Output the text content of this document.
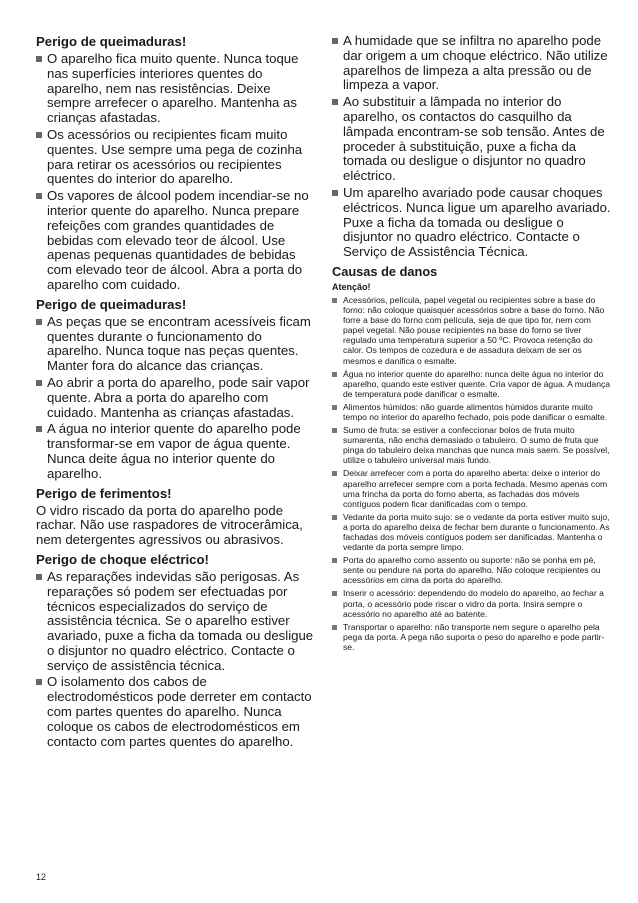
Perigo de queimaduras!
O aparelho fica muito quente. Nunca toque nas superfícies interiores quentes do aparelho, nem nas resistências. Deixe sempre arrefecer o aparelho. Mantenha as crianças afastadas.
Os acessórios ou recipientes ficam muito quentes. Use sempre uma pega de cozinha para retirar os acessórios ou recipientes quentes do interior do aparelho.
Os vapores de álcool podem incendiar-se no interior quente do aparelho. Nunca prepare refeições com grandes quantidades de bebidas com elevado teor de álcool. Use apenas pequenas quantidades de bebidas com elevado teor de álcool. Abra a porta do aparelho com cuidado.
Perigo de queimaduras!
As peças que se encontram acessíveis ficam quentes durante o funcionamento do aparelho. Nunca toque nas peças quentes. Manter fora do alcance das crianças.
Ao abrir a porta do aparelho, pode sair vapor quente. Abra a porta do aparelho com cuidado. Mantenha as crianças afastadas.
A água no interior quente do aparelho pode transformar-se em vapor de água quente. Nunca deite água no interior quente do aparelho.
Perigo de ferimentos!
O vidro riscado da porta do aparelho pode rachar. Não use raspadores de vitrocerâmica, nem detergentes agressivos ou abrasivos.
Perigo de choque eléctrico!
As reparações indevidas são perigosas. As reparações só podem ser efectuadas por técnicos especializados do serviço de assistência técnica. Se o aparelho estiver avariado, puxe a ficha da tomada ou desligue o disjuntor no quadro eléctrico. Contacte o serviço de assistência técnica.
O isolamento dos cabos de electrodomésticos pode derreter em contacto com partes quentes do aparelho. Nunca coloque os cabos de electrodomésticos em contacto com partes quentes do aparelho.
A humidade que se infiltra no aparelho pode dar origem a um choque eléctrico. Não utilize aparelhos de limpeza a alta pressão ou de limpeza a vapor.
Ao substituir a lâmpada no interior do aparelho, os contactos do casquilho da lâmpada encontram-se sob tensão. Antes de proceder à substituição, puxe a ficha da tomada ou desligue o disjuntor no quadro eléctrico.
Um aparelho avariado pode causar choques eléctricos. Nunca ligue um aparelho avariado. Puxe a ficha da tomada ou desligue o disjuntor no quadro eléctrico. Contacte o Serviço de Assistência Técnica.
Causas de danos
Atenção!
Acessórios, película, papel vegetal ou recipientes sobre a base do forno: não coloque quaisquer acessórios sobre a base do forno. Não forre a base do forno com película, seja de que tipo for, nem com papel vegetal. Não pouse recipientes na base do forno se tiver regulado uma temperatura superior a 50 ºC. Provoca retenção do calor. Os tempos de cozedura e de assadura deixam de ser os mesmos e danifica o esmalte.
Água no interior quente do aparelho: nunca deite água no interior do aparelho, quando este estiver quente. Cria vapor de água. A mudança de temperatura pode danificar o esmalte.
Alimentos húmidos: não guarde alimentos húmidos durante muito tempo no interior do aparelho fechado, pois pode danificar o esmalte.
Sumo de fruta: se estiver a confeccionar bolos de fruta muito sumarenta, não encha demasiado o tabuleiro. O sumo de fruta que pinga do tabuleiro deixa manchas que nunca mais saem. Se possível, utilize o tabuleiro universal mais fundo.
Deixar arrefecer com a porta do aparelho aberta: deixe o interior do aparelho arrefecer sempre com a porta fechada. Mesmo apenas com uma frincha da porta do forno aberta, as fachadas dos móveis contíguos podem ficar danificadas com o tempo.
Vedante da porta muito sujo: se o vedante da porta estiver muito sujo, a porta do aparelho deixa de fechar bem durante o funcionamento. As fachadas dos móveis contíguos podem ser danificadas. Mantenha o vedante da porta sempre limpo.
Porta do aparelho como assento ou suporte: não se ponha em pé, sente ou pendure na porta do aparelho. Não coloque recipientes ou acessórios em cima da porta do aparelho.
Inserir o acessório: dependendo do modelo do aparelho, ao fechar a porta, o acessório pode riscar o vidro da porta. Insira sempre o acessório no aparelho até ao batente.
Transportar o aparelho: não transporte nem segure o aparelho pela pega da porta. A pega não suporta o peso do aparelho e pode partir-se.
12
